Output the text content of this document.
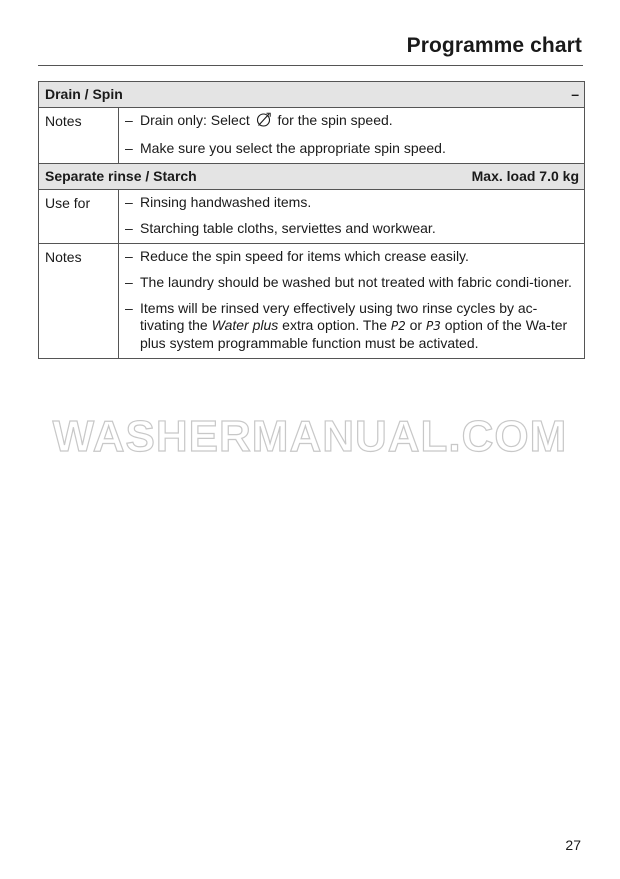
Programme chart
Drain / Spin	–
Notes	– Drain only: Select  for the spin speed.
– Make sure you select the appropriate spin speed.
Separate rinse / Starch	Max. load 7.0 kg
Use for	– Rinsing handwashed items.
– Starching table cloths, serviettes and workwear.
Notes	– Reduce the spin speed for items which crease easily.
– The laundry should be washed but not treated with fabric condi-tioner.
– Items will be rinsed very effectively using two rinse cycles by ac-tivating the Water plus extra option. The P2 or P3 option of the Wa-ter plus system programmable function must be activated.
WASHERMANUAL.COM
27
